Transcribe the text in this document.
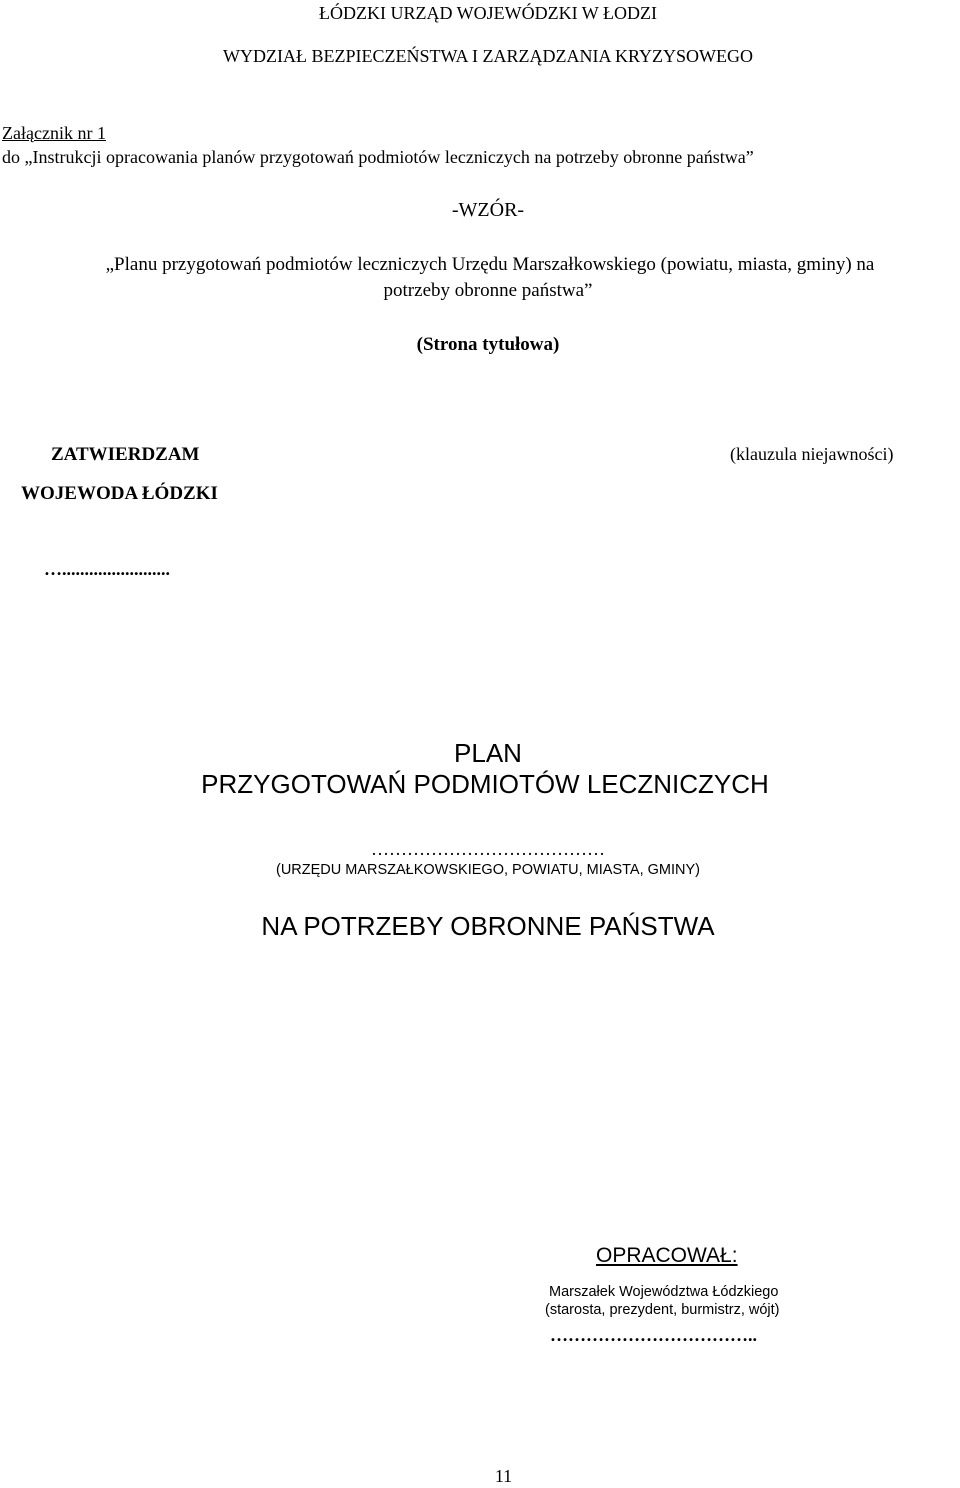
ŁÓDZKI URZĄD WOJEWÓDZKI W ŁODZI
WYDZIAŁ BEZPIECZEŃSTWA I ZARZĄDZANIA KRYZYSOWEGO
Załącznik nr 1
do „Instrukcji opracowania planów przygotowań podmiotów leczniczych na potrzeby obronne państwa”
-WZÓR-
„Planu przygotowań podmiotów leczniczych Urzędu Marszałkowskiego (powiatu, miasta, gminy) na
potrzeby obronne państwa”
(Strona tytułowa)
ZATWIERDZAM	(klauzula niejawności)
WOJEWODA ŁÓDZKI
…........................
PLAN
PRZYGOTOWAŃ PODMIOTÓW LECZNICZYCH
…………………………………
(URZĘDU MARSZAŁKOWSKIEGO, POWIATU, MIASTA, GMINY)
NA POTRZEBY OBRONNE PAŃSTWA
OPRACOWAŁ:
Marszałek Województwa Łódzkiego
(starosta, prezydent, burmistrz, wójt)
……………………………..
11
